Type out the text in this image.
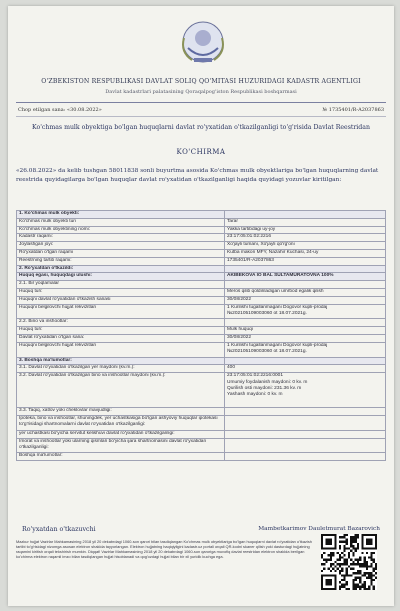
O'ZBEKISTON RESPUBLIKASI DAVLAT SOLIQ QO'MITASI HUZURIDAGI KADASTR AGENTLIGI
Davlat kadastrlari palatasining Qoraqalpog'iston Respublikasi boshqarmasi
Chop etilgan sana: «30.08.2022»	№ 1735401/R-A2037863
Ko'chmas mulk obyektiga bo'lgan huquqlarni davlat ro'yxatidan o'tkazilganligi to'g'risida Davlat Reestridan
KO'CHIRMA
«26.08.2022» da kelib tushgan 58011838 sonli buyurtma asosida Ko'chmas mulk obyektlariga bo'lgan huquqlarning davlat reestrida quyidagilarga bo'lgan huquqlar davlat ro'yxatidan o'tkazilganligi haqida quyidagi yozuvlar kiritilgan:
1. Ko'chmas mulk obyekti:	
Ko'chmas mulk obyekti turi	Tarar
Ko'chmas mulk obyektining nomi:	Yakka tartibdagi uy-joy
Kadastr raqami:	23:17:05:01:02:2216
Joylashgan joyi:	Xo'jayli tumani, Xo'jayli qo'rg'oni
Ro'yxatdan o'tgan raqami	Kutba makon MFY, Nazahir Kuchasi, 24-uy
Reestrning tartib raqami:	1735401/R-A2037863
2. Ro'yxatdan o'tkazildi:	
Huquq egasi, huquqdagi ulushi:	AKIBEKOVA IO BAL SULTAMURATOVNA 100%
2.1. Bir yoqlamalar	
Huquq turi:	Meros qilib qoldiriladigan umrbod egalik qilish
Huquqni davlat ro'yxatidan o'tkazish sanasi	30/08/2022
Huquqni belgilovchi hujjat rekvizitlari	1 Kurilishi tugallanmagani Dogovor kupli-prodaj
№202105109003060 ot 18.07.2021g.
2.2. Bino va inshootlar:	
Huquq turi:	Mulk huquqi
Davlat ro'yxatidan o'tgan sana:	30/08/2022
Huquqni belgilovchi hujjat rekvizitlari	1 Kurilishi tugallanmagani Dogovor kupli-prodaj
№202105109003060 ot 18.07.2021g.
3. Boshqa ma'lumotlar:	
3.1. Davlat ro'yxatidan o'tkazilgan yer maydoni (kv.m.):	400
3.2. Davlat ro'yxatidan o'tkazilgan bino va inshootlar maydoni (kv.m.):	23:17:05:01:02:2216:0001
Umumiy foydalanish maydoni: 0 kv. m
Qurilish osti maydoni: 231.36 kv. m
Yashash maydoni: 0 kv. m
3.3. Taqiq, xatlov yoki cheklovlar mavjudligi:	
Ipoteka, bino va inshootlar, shuningdek, yer uchastkasiga bo'lgan ashyoviy huquqlar ipotekasi to'g'risidagi shartnomalarni davlat ro'yxatidan o'tkazilganligi:	
yer uchastkasi bo'yicha servitut kelishuvi davlat ro'yxatidan o'tkazilganligi:	
Imorat va inshootlar yoki ularning qismlari bo'yicha ijara shartnomasini davlat ro'yxatidan o'tkazilganligi:	
Boshqa ma'lumotlar:	
Ro'yxatdan o'tkazuvchi	Mambetkarimov Dauletmurat Bazarovich
Mazkur hujjat Vazirlar Mahkamasining 2018 yil 20 dekabrdagi 1060-son qarori bilan tasdiqlangan Ko'chmas mulk obyektlariga bo'lgan huquqlarni davlat ro'yxatidan o'tkazish tartibi to'g'risidagi nizomga asosan elektron shaklda tayyorlangan. Elektron hujjatning haqiqiyligini kadastr.uz portali orqali QR-kodni skaner qilish yoki dasturdagi hujjatning raqamini kiritish orqali tekshirish mumkin. Diqqat! Vazirlar Mahkamasining 2018 yil 20 dekabrdagi 1060-son qaroriga muvofiq davlat reestridan elektron shaklda berilgan ko'chirma elektron raqamli imzo bilan tasdiqlangan hujjat hisoblanadi va qog'ozdagi hujjat bilan bir xil yuridik kuchga ega.
